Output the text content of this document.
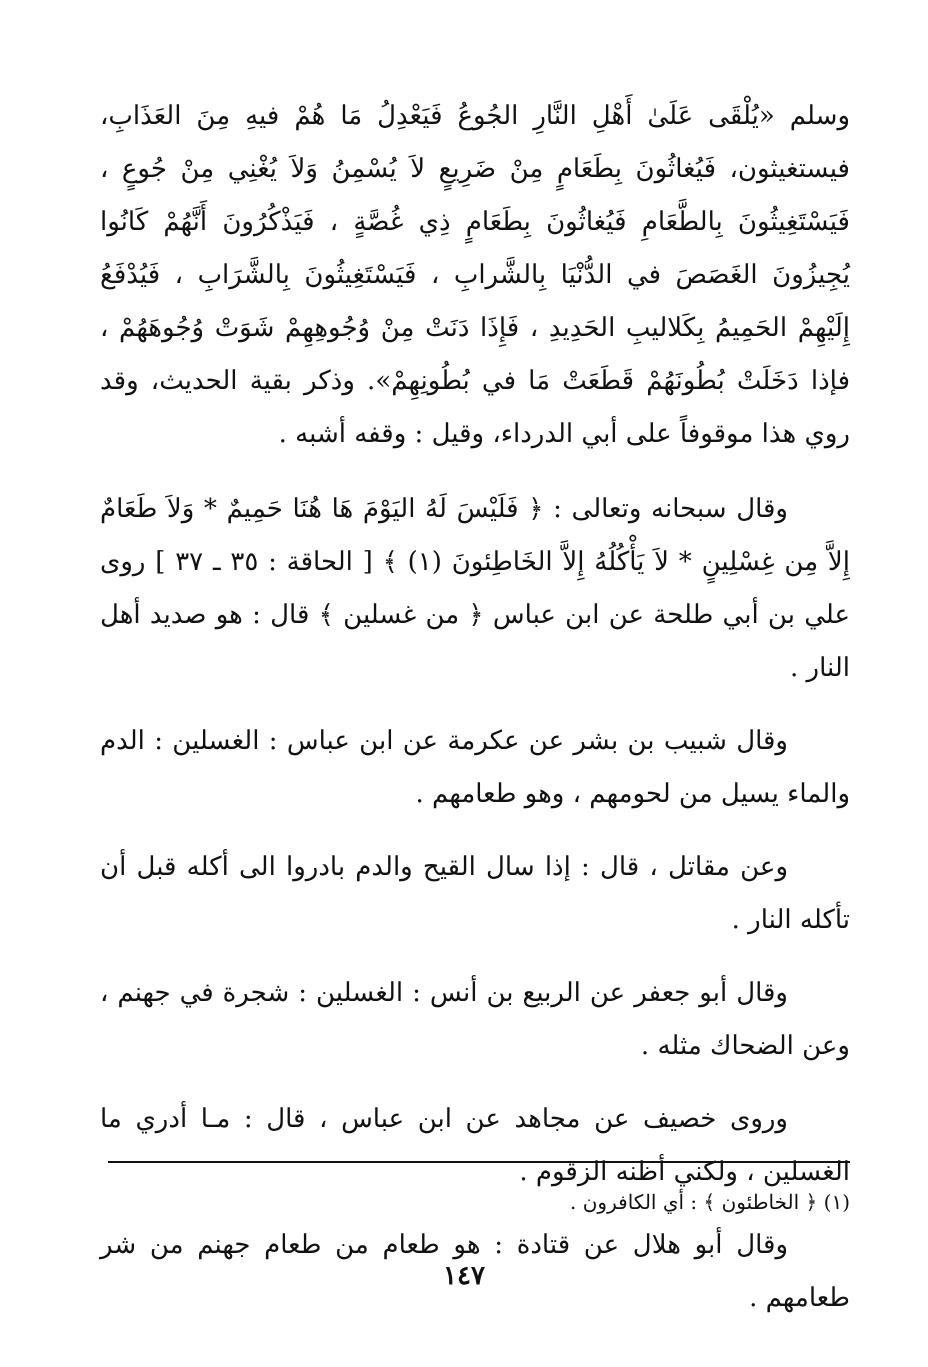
وسلم «يُلْقَى عَلَىٰ أَهْلِ النَّارِ الجُوعُ فَيَعْدِلُ مَا هُمْ فيهِ مِنَ العَذَابِ، فيستغيثون، فَيُغاثُونَ بِطَعَامٍ مِنْ ضَرِيعٍ لاَ يُسْمِنُ وَلاَ يُغْنِي مِنْ جُوعٍ ، فَيَسْتَغِيثُونَ بِالطَّعَامِ فَيُغاثُونَ بِطَعَامٍ ذِي غُصَّةٍ ، فَيَذْكُرُونَ أَنَّهُمْ كَانُوا يُجِيزُونَ الغَصَصَ في الدُّنْيَا بِالشَّرابِ ، فَيَسْتَغِيثُونَ بِالشَّرَابِ ، فَيُدْفَعُ إِلَيْهِمْ الحَمِيمُ بِكَلاليبِ الحَدِيدِ ، فَإِذَا دَنَتْ مِنْ وُجُوهِهِمْ شَوَتْ وُجُوهَهُمْ ، فإذا دَخَلَتْ بُطُونَهُمْ قَطَعَتْ مَا في بُطُونِهِمْ». وذكر بقية الحديث، وقد روي هذا موقوفاً على أبي الدرداء، وقيل : وقفه أشبه .

وقال سبحانه وتعالى : ﴿ فَلَيْسَ لَهُ اليَوْمَ هَا هُنَا حَمِيمٌ * وَلاَ طَعَامٌ إِلاَّ مِن غِسْلِينٍ * لاَ يَأْكُلُهُ إِلاَّ الخَاطِئونَ (١) ﴾ [ الحاقة : ٣٥ ـ ٣٧ ] روى علي بن أبي طلحة عن ابن عباس ﴿ من غسلين ﴾ قال : هو صديد أهل النار .

وقال شبيب بن بشر عن عكرمة عن ابن عباس : الغسلين : الدم والماء يسيل من لحومهم ، وهو طعامهم .

وعن مقاتل ، قال : إذا سال القيح والدم بادروا الى أكله قبل أن تأكله النار .

وقال أبو جعفر عن الربيع بن أنس : الغسلين : شجرة في جهنم ، وعن الضحاك مثله .

وروى خصيف عن مجاهد عن ابن عباس ، قال : مـا أدري ما الغسلين ، ولكني أظنه الزقوم .

وقال أبو هلال عن قتادة : هو طعام من طعام جهنم من شر طعامهم .

(١) ﴿ الخاطئون ﴾ : أي الكافرون .
١٤٧
